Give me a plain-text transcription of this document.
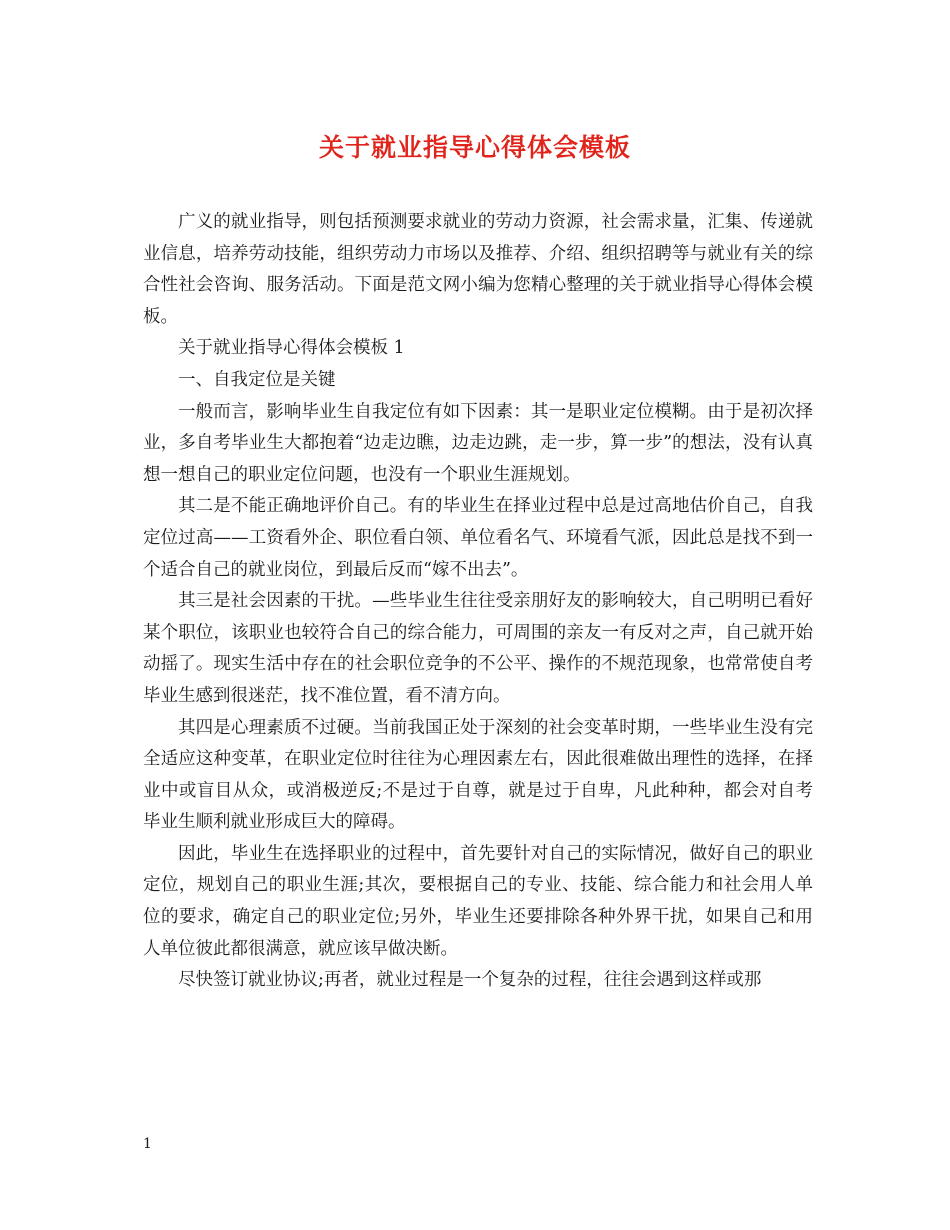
关于就业指导心得体会模板

广义的就业指导，则包括预测要求就业的劳动力资源，社会需求量，汇集、传递就业信息，培养劳动技能，组织劳动力市场以及推荐、介绍、组织招聘等与就业有关的综合性社会咨询、服务活动。下面是范文网小编为您精心整理的关于就业指导心得体会模板。

关于就业指导心得体会模板 1

一、自我定位是关键

一般而言，影响毕业生自我定位有如下因素：其一是职业定位模糊。由于是初次择业，多自考毕业生大都抱着“边走边瞧，边走边跳，走一步，算一步”的想法，没有认真想一想自己的职业定位问题，也没有一个职业生涯规划。

其二是不能正确地评价自己。有的毕业生在择业过程中总是过高地估价自己，自我定位过高——工资看外企、职位看白领、单位看名气、环境看气派，因此总是找不到一个适合自己的就业岗位，到最后反而“嫁不出去”。

其三是社会因素的干扰。—些毕业生往往受亲朋好友的影响较大，自己明明已看好某个职位，该职业也较符合自己的综合能力，可周围的亲友一有反对之声，自己就开始动摇了。现实生活中存在的社会职位竞争的不公平、操作的不规范现象，也常常使自考毕业生感到很迷茫，找不准位置，看不清方向。

其四是心理素质不过硬。当前我国正处于深刻的社会变革时期，一些毕业生没有完全适应这种变革，在职业定位时往往为心理因素左右，因此很难做出理性的选择，在择业中或盲目从众，或消极逆反;不是过于自尊，就是过于自卑，凡此种种，都会对自考毕业生顺利就业形成巨大的障碍。

因此，毕业生在选择职业的过程中，首先要针对自己的实际情况，做好自己的职业定位，规划自己的职业生涯;其次，要根据自己的专业、技能、综合能力和社会用人单位的要求，确定自己的职业定位;另外，毕业生还要排除各种外界干扰，如果自己和用人单位彼此都很满意，就应该早做决断。

尽快签订就业协议;再者，就业过程是一个复杂的过程，往往会遇到这样或那

1
